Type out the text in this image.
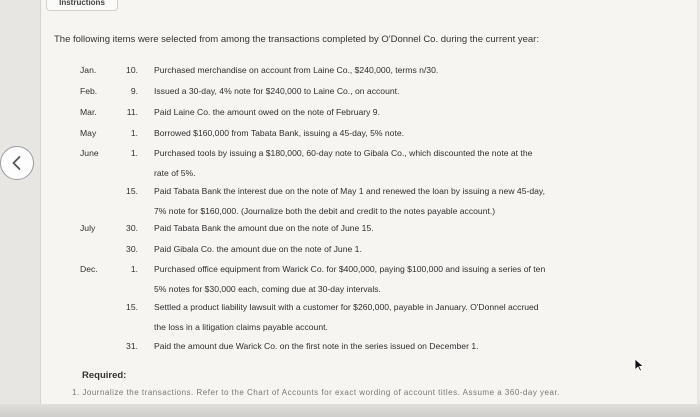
Instructions
The following items were selected from among the transactions completed by O'Donnel Co. during the current year:
Jan.	10. Purchased merchandise on account from Laine Co., $240,000, terms n/30.
Feb.	9. Issued a 30-day, 4% note for $240,000 to Laine Co., on account.
Mar.	11. Paid Laine Co. the amount owed on the note of February 9.
May	1. Borrowed $160,000 from Tabata Bank, issuing a 45-day, 5% note.
June	1. Purchased tools by issuing a $180,000, 60-day note to Gibala Co., which discounted the note at the
rate of 5%.
15. Paid Tabata Bank the interest due on the note of May 1 and renewed the loan by issuing a new 45-day,
7% note for $160,000. (Journalize both the debit and credit to the notes payable account.)
July	30. Paid Tabata Bank the amount due on the note of June 15.
30. Paid Gibala Co. the amount due on the note of June 1.
Dec.	1. Purchased office equipment from Warick Co. for $400,000, paying $100,000 and issuing a series of ten
5% notes for $30,000 each, coming due at 30-day intervals.
15. Settled a product liability lawsuit with a customer for $260,000, payable in January. O'Donnel accrued
the loss in a litigation claims payable account.
31. Paid the amount due Warick Co. on the first note in the series issued on December 1.
Required:
1. Journalize the transactions. Refer to the Chart of Accounts for exact wording of account titles. Assume a 360-day year.
